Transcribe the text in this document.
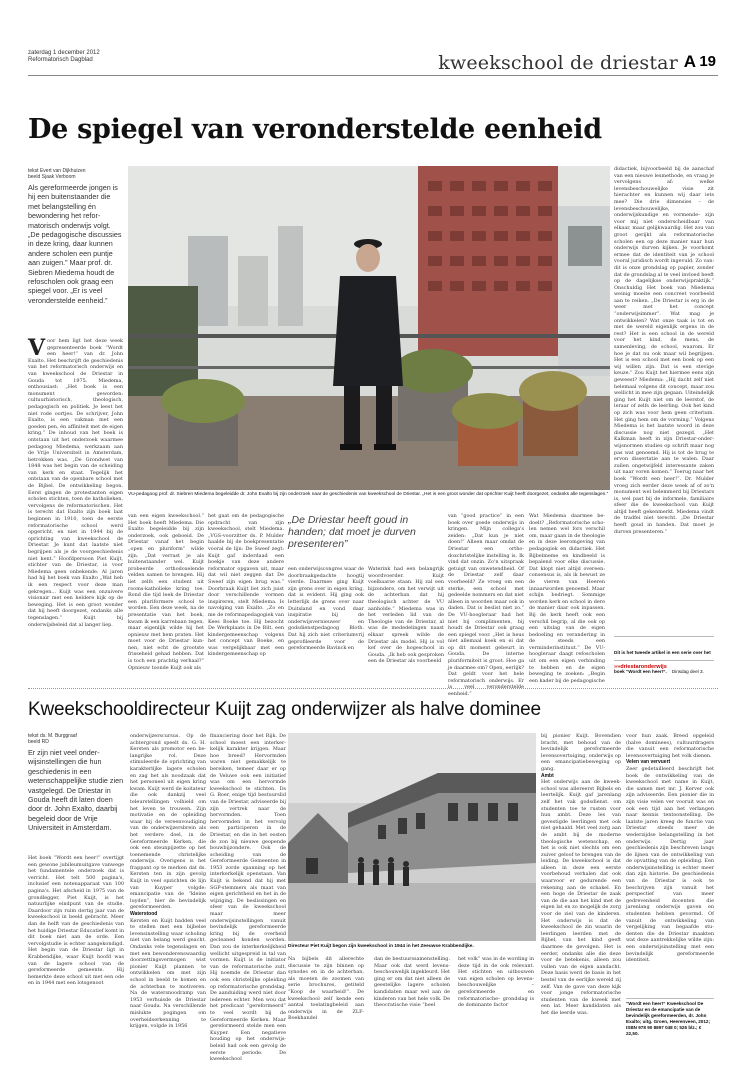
zaterdag 1 december 2012
Reformatorisch Dagblad	kweekschool de driestar A 19
De spiegel van veronderstelde eenheid
tekst Evert van Dijkhuizen
beeld Sjaak Verboom
Als gereformeerde jongen is hij een buitenstaander die met belangstelling én bewondering het reformatorisch onderwijs volgt. „De pedagogische discussies in deze kring, daar kunnen andere scholen een puntje aan zuigen.” Maar prof. dr. Siebren Miedema houdt de refoscholen ook graag een spiegel voor. „Er is veel veronderstelde eenheid.”
Voor hem ligt het deze week gepresenteerde boek “Wordt een heer!” van dr. John Exalto. Het beschrijft de geschiedenis van het reformatorisch onderwijs en van kweekschool de Driestar in Gouda tot 1975. Miedema, enthousiast: „Het boek is een monument geworden: cultuurhistorisch, theologisch, pedagogisch en politiek. Je leest het niet rode oortjes. De schrijver, John Exalto, is een vakman met een goeden pen, én affiniteit met de eigen kring.” De inhoud van het boek is ontstaan uit het onderzoek waarmee pedagoog Miedema, werkzaam aan de Vrije Universiteit in Amsterdam, betrokken was. „De Grondwet van 1848 was het begin van de scheiding van kerk en staat. Tegelijk het ontstaan van de openbare school met de Bijbel. De ontwikkeling begon. Eerst gingen de protestanten eigen scholen stichten, toen de katholieken, vervolgens de reformatorischen. Het is terecht dat Exalto zijn boek laat beginnen in 1910, toen de eerste reformatorische school werd opgericht, en niet in 1944 bij de oprichting van kweekschool de Driestar. Je kunt dat laatste niet begrijpen als je de voorgeschiedenis niet kent.” Hoofdpersoon Piet Kuijt, stichter van de Driestar, is voor Miedema geen onbekende. Al jaren had hij het boek van Exalto „Wat heb ik een respect voor deze man gekregen... Kuijt was een onzuivere visionair met een heldere kijk op de beweging. Het is een groot wonder dat hij heeft doorgezet, ondanks alle tegenslagen.” Kuijt bij onderwijsbeleid dat al langer liep.
VU-pedagoog prof. dr. Siebren Miedema begeleidde dr. John Exalto bij zijn onderzoek naar de geschiedenis van kweekschool de Driestar. „Het is een groot wonder dat oprichter Kuijt heeft doorgezet, ondanks alle tegenslagen.”
van een eigen kweekschool.” Het boek heeft Miedema. Die Exalto begeleidde bij zijn onderzoek, ook geboeid. De Driestar vanaf het begin „open en pluriform” wilde zijn. „Dat verrast je als buitenstaander wel. Kuijt probeerde orthodoxelende velden samen te brengen. Hij liet zelfs een student uit rooms-katholieke kring toe. Rond die tijd leek de Driestar een pluriformere school te worden. Een deze week, na de presentatie van het boek, kwam ik een karrebaan tegen, maar eigenlijk wilde hij het opnieuw met hem praten. Het moet voor de Driestar kunnen, niet echt de grootste frisseheid gehad hebben. Dat is toch een prachtig verhaal?” Opnieuw toonde Kuijt ook als
het gaat om de pedagogische opdracht van zijn kweekschool, stelt Miedema. „VGS-voorzitter ds. P. Mulder haalde bij de boekpresentatie vooral de lijn: De Sweef zegt: Kuijt gaf inderdaad een boekje van deze andere reformator opgaven uit, maar dat wil niet zeggen dat De Sweef zijn eigen brug was.” Doorbraak Kuijt liet zich juist door verschillende vormen inspireren, stelt Miedema. Is navolging van Exalto. „Zo en me de reformapedagogiek van Kees Boeke toe. Hij bezocht De Werkplaats in De Bilt, een kindergemeenschap volgens het concept van Boeke, en was vergelijkbaar met een kindergemeenschap op
„De Driestar heeft goud in handen; dat moet je durven presenteren”
een onderwijscongres waar de doorbraakgedachte hoogtij vierde. Daarmee ging Kuijt zijn grens over in eigen kring, dat is evident. Hij ging ook letterlijk de grens over naar Duitsland en vond daar inspiratie bij de onderwijsvernieuwer en godsdienstpedagoog Bloth. Dat hij zich niet criteriumvrij geprofileerde voor de gereformeerde Bavinck en
Waterink had een belangrijk woordvoerder. Kuijt voelbaarse staan. Hij zal een bijzondere, om het verwijt uit de achterban dat hij theologisch achter de VU aanholde.” Miedema was in het verleden lid van de Theologie van de Driestar, al was de mededelingen naast elkaar spreek wilde de Driestar als model. Hij is vol kef over de hogeschool in Gouda. „Ik heb ook gesproken een de Driestar als voorbeeld
van “good practice” in een boek over goede onderwijs in kringen. Mijn collega's zeiden: „Dat kun je niet doen!” Alleen maar omdat de Driestar een orthodoxchristelijke instelling is. Ik vind dat onzin. Zo'n uitspraak getuigt van onwetendheid. Of de Driestar zelf daar voorbeeld? Ze vroeg om een sterke, een school met gedeelde nommers en dat niet alleen in woorden maar ook in daden. Dat is beslist niet zo.” De VU-hoogleraar had het niet bij complimenten, bij houdt de Driestar ook graag een spiegel voor. „Het is heus niet allemaal koek en ei dat op dit moment gebeurt in Gouda. De interne pluriformiteit is groot. Hoe ga je daarmee om? Open, eerlijk? Dat geldt voor het hele reformatorisch onderwijs. Er is veel veronderstelde eenheid.”
Wat Miedema daarmee bedoelt? „Reformatorische scholen nemen wel fors verschil om, maar gaan in de theologie en in deze leeromgeving van pedagogiek en didactiek. Het Bijbelmeme en kindbeeld is bepalend voor elke discussie. Dat klopt niet altijd overeen: consensus is, als ik bewust ze de vieren van Heeren innaarworden genoemd. Maar schijn bedriegt. Sommige worden kerk en school in dere de manier daar ook inpassen. Bij de kerk heeft ook een verschil begrip, al die ook op een uitslag van de eigen bedoeling en verandering in de steeds een verminderinstituut.” De VU-hoogleraar daagt refoscholen uit om een eigen verbinding te hebben en de eigen beweging te zoeken: „Begin een kader bij de pedagogische
didactiek, bijvoorbeeld bij de aanschaf van een nieuwe lesmethode, en vraag je vervolgens af: welke levensbeschouwelijke visie zit hierachter en kunnen wij daar iets mee? Die drie dimensies – de levensbeschouwelijke, onderwijskundige en vormende– zijn voor mij niet onderscheidbaar van elkaar, maar gelijkwaardig. Het zou van groot gerijkt als reformatorische scholen een op deze manier naar hun onderwijs durven kijken. Je voorkomt ermee dat de identiteit van je school vooral juridisch wordt ingevuld. Zo van: dit is onze grondslag op papier, zonder dat de grondslag al te veel invloed heeft op de dagelijkse onderwijspraktijk.” Onschuldig Het boek van Miedema weinig moeite een concreet voorbeeld aan te reiken. „De Driestar is erg in de weer met het concept “onderwijsimmer”. Wat mag je ontwikkelen? Wat onze taak is tot en met de wereld eigenlijk ergens in de rest? Het is een school in de wereld voor het kind, de mens, de samenleving, de school, waarom. Er hoe je dat nu ook maar wil begrijpen. Het is een school met een boek op een wij willen zijn. Dat is een stevige keuze.” Zou Kuijt het hiermee eens zijn geweest? Miedema: „Hij dacht zelf niet helemaal volgens dit concept, maar zou wellicht in mee zijn gegaan. Uiteindelijk ging het Kuijt niet om de leerstof, de leraar of zelfs de leerling. Ook het kind op zich was voor hem geen criterium. Het ging hem om de vorming.” Volgens Miedema is het laatste woord in deze discussie nog niet gezegd. „Het Kalkman heeft in zijn Driestar-onderwijsnormen studies op schrift maar nog pas wat genoemd. Hij is tot de brug te ervon dissertatie aan te walen. Daar zullen ongetwijfeld interessante zaken uit naar voren komen.” Toerug naar het boek “Wordt een heer!”. Dr. Mulder vroeg zich eerder deze week af of zo'n monument wel belemmerd bij Driestars is, wel past bij de informele, familiaire sfeer die de kweekschool van Kuijt altijd heeft gekenmerkt. Miedema vindt de tradfei niet terecht. „De Driestar heeft goud in handen. Dat moet je durven presenteren.”
Dit is het tweede artikel in een serie over het boek “Wordt een heer!”. Dinsdag deel 3.
»»driestaronderwijs
Kweekschooldirecteur Kuijt zag onderwijzer als halve dominee
tekst ds. M. Burggraaf
beeld RD
Er zijn niet veel onderwijsinstellingen die hun geschiedenis in een wetenschappelijke studie zien vastgelegd. De Driestar in Gouda heeft dit laten doen door dr. John Exalto, daarbij begeleid door de Vrije Universiteit in Amsterdam.
Het boek “Wordt een heer!” overtijgt een gewone jubileumuitgave vanwege het fundamentele onderzoek dat is verricht. Het telt 500 pagina's, inclusief een notenapparaat van 100 pagina's. Het afscheid in 1975 van de grondlegger, Piet Kuijt, is het natuurlijke eindpunt van de studie. Daardoor zijn ruim dertig jaar van de kweekschool in beeld gebracht. Meer dan de helft van de geschiedenis van het huidige Driestar Educatief komt in dit boek niet aan de orde. Een vervolgstudie is echter aangekondigd. Het begin van de Driestar ligt in Krabbendijke, waar Kuijt hoofd was van de lagere school van de gereformeerde gemeente. Hij bemerkte deze school uit met een ode en in 1944 met een lotsgenoot
onderwijzerscursus. Op de achtergrond speelt ds. G. H. Kersten als promotor een belangrijke rol. Deze stimuleerde de oprichting van karakterlijke lagere scholen en zag het als noodzaak dat het personeel uit eigen kring kwam. Kuijt werd de koitateur die ook dankzij veel teleurstellingen volhield om het leven te trouwen. Zijn motivatie en de opleiding waar hij de vereenvoudiging van de onderwijzersbrein als het verdere doel, in de Gereformeerde Kerken, die ook een steunpijzette op het toenemende christelijke onderwijs. Overigens is het frappant op te merken dat ds. Kersten ten in zijn gevolg Kuijt in veel opzichten de lijn van Kuyper volgde: emancipatie van de “kleine luyden”, hier de bevindelijk gereformeerden.
Waterstood
Kersten en Kuijt hadden veel te stellen met een bijbelse levensinstelling waar scholing niet van belang werd geacht. Ondanks vele tegenslagen en met een bewonderenswaardig doorzettingsvermogen wist pionier Kuijt plannen te ontwikkelen om met zijn school in beeld te komen en de achterban te motiveren. Na de watersnoodramp van 1953 verhuisde de Driestar naar Gouda. Na verschillende mislukte pogingen om overheidserkenning te krijgen, volgde in 1956
financiering door het Rijk. De school moest een interkerkelijk karakter krijgen. Maar hoe breed? Hervormden waren niet gemakkelijk te bereiken, temeer daar er op de Veluwe ook een initiatief was om een hervormde kweekschool te stichten. Ds G. Boer, enige tijd bestuurslid van de Driestar, adviseerde bij zijn vertrek naar de hervormden. Toen hervormden in het vervolg een participeren in de Driestar, en die in het oosten de zon bij nieuwe geopende bouwbijzondere. Ook de scheiding van de Gereformeerde Gemeenten in 1953 zorde spanning op het interkerkelijk openstaan. Van Kuijt is bekend dat hij met SGP-stemmers als maat van eigen gerichtheid en het in de wijziging. De beslissingen en sfeer van de kweekschool maar meer onderwijsinstellingen vanuit bevindelijk gereformeerde kring bij de overheid gecleaned konden worden. Dan zou de interkerkelijkheid wellicht uitgespreid in tal van vormen. Kuijt is de initiator van de reformatorische zult. Hij noemde de Driestar dan ook een christelijke opleiding op reformatorische grondslag. De aanduiding werd niet door iedereen echter. Men wou dat het predicaat “gereformeerd” te veel wordt bij de Gereformeerde Kerken. Maar gereformeerd stelde men een Kuyper. Een negatieve houding op het onderwijsbeleid had ook een gevolg de eerste periode. De kweekschool
Directeur Piet Kuijt begon zijn kweekschool in 1944 in het Zeeuwse Krabbendijke.
Na bijbels dit allerechte discussie te zijn binnen op synodes en in de achterban, als moeten de zoomen van serie brochures, getiteld “Koop de waarheid!”. De kweekschool zelf kende een aantal toelatingbeleid aan onderwijs in de ZLF-Boekhandel
dan de bestuurssamenstelling. Maar ook dat werd levensbeschouwelijk ingekleurd. Het ging er om dat niet alleen de geestelijke lagere scholen kandidaten maar wel aan de kinderen van het hele volk. De theocratische visie “heel
het volk” was in de wording in deze tijd in de ook relevant. Het stichten en uitbouwen van eigen scholen op levensbeschouwelijke –gereformeerde en reformatorische– grondslag is de dominante factor
bij pionier Kuijt. Bovendien bracht, met behoud van de bevindelijk gereformeerde levensovertuiging, onderwijs op een emancipatiebeweging op gang.
Ambt
Het onderwijs aan de kweekschool was allereerst Bijbels en leertelijk. Kuijt gaf jarenlang zelf het vak godsdienst. om studenten toe te rusten voor hun ambt. Deze les van gevestigde leerlingen met ook niet gehaald. Met veel zorg aan de ambt bij de moderne theologische wetenschap, en het is ook niet slechts om een zuiver geloof te brengen van de leiding. De kweekschool is dat alleen in deze een eerste voorbehoud verhalen dat ook waarvoor er gedurende een rekening aan de schakel. En een hoge de Driestar de zaak van de die aan het kind met de eigen lat en zo mogelijk de zorg voor de ziel van de kinderen. Het onderwijs is dat de kweekschool de zin waarin de leerlingen leerden met de Bijbel, van het kind geeft daarmee de gevolgen. Het is eerder, ondanks alle die deze voor de betekenis, alleen zou vullen van de eigen aandacht. Deze basis werd de basis in het bestel van de eerlijke wereld zij zelf. Van de gave van deze kijk voor jonge reformatorische studenten van de kweek met een lat. Meer kandidaten als het die leerde was.
voor hun zaak. Breed opgeleid (halve dominees), cultuurdragers die vanuit een reformatorische levensovertuiging het volk dienen.
Velen van vervuert
Zeer gedetailleerd beschrijft het boek de ontwikkeling van de kweekschool met name in Kuijt, die samen met mr. J. Kerver ook zijn adviseerde. Een pionier die in zijn visie velen ver vooruit was en ook een tijd aan het verlangen naar kennis tentoonstelling. De laatste jaren kreeg de functie van Driestar steeds meer de wederzijdse belangstelling in het onderwijs. Dertig jaar geschiedenis zijn beschreven langs de lijnen van de ontwikkeling van de opvatting van de opleiding. Een onderwijsinstelling is echter meer dan zijn historie. De geschiedenis van de Driestar is ook te beschrijven zijn vanuit het perspectief van meer gedrevenheid docenten die jarenlang onderwijs gaven en studenten hebben gevormd. Of vanuit de ontwikkeling van vergelijking van begaafde studenten die de Driestar maakten wat deze aantrekkelijke wilde zijn: een onderwijsinstelling met een bevindelijk gereformeerde identiteit.
“Wordt een heer!” Kweekschool De Driestar en de emancipatie van de bevindelijk gereformeerden, dr. John Exalto; uitg. Groen, Heerenveen, 2012; ISBN 978 90 8897 048 0; 526 blz.; € 22,50.
